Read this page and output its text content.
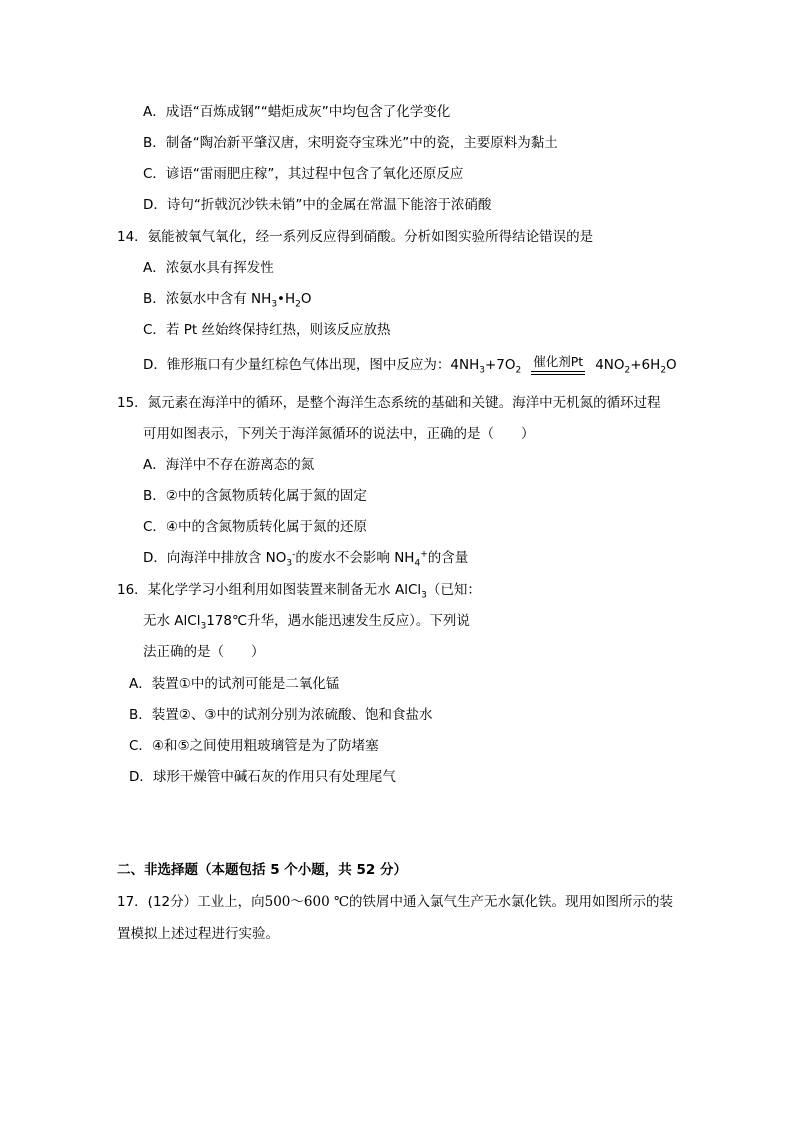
A．成语“百炼成钢”“蜡炬成灰”中均包含了化学变化
B．制备“陶冶新平肇汉唐，宋明瓷夺宝珠光”中的瓷，主要原料为黏土
C．谚语“雷雨肥庄稼”，其过程中包含了氧化还原反应
D．诗句“折戟沉沙铁未销”中的金属在常温下能溶于浓硝酸
14．氨能被氧气氧化，经一系列反应得到硝酸。分析如图实验所得结论错误的是
A．浓氨水具有挥发性
B．浓氨水中含有 $NH_3•H_2O$
C．若 Pt 丝始终保持红热，则该反应放热
D．锥形瓶口有少量红棕色气体出现，图中反应为：$4NH_3+7O_2$
催化剂Pt $4NO_2+6H_2O$
15．氮元素在海洋中的循环，是整个海洋生态系统的基础和关键。海洋中无机氮的循环过程
可用如图表示，下列关于海洋氮循环的说法中，正确的是（　　）
A．海洋中不存在游离态的氮
B．②中的含氮物质转化属于氮的固定
C．④中的含氮物质转化属于氮的还原
D．向海洋中排放含 $NO_3^-$的废水不会影响 $NH_4^+$的含量
16．某化学学习小组利用如图装置来制备无水 AlCl$_3$（已知：
无水 AlCl$_3$178℃升华，遇水能迅速发生反应）。下列说
法正确的是（　　）
A．装置①中的试剂可能是二氧化锰
B．装置②、③中的试剂分别为浓硫酸、饱和食盐水
C．④和⑤之间使用粗玻璃管是为了防堵塞
D．球形干燥管中碱石灰的作用只有处理尾气
二、非选择题（本题包括 5 个小题，共 52 分）
17．(12分）工业上，向500～600 ℃的铁屑中通入氯气生产无水氯化铁。现用如图所示的装
置模拟上述过程进行实验。
